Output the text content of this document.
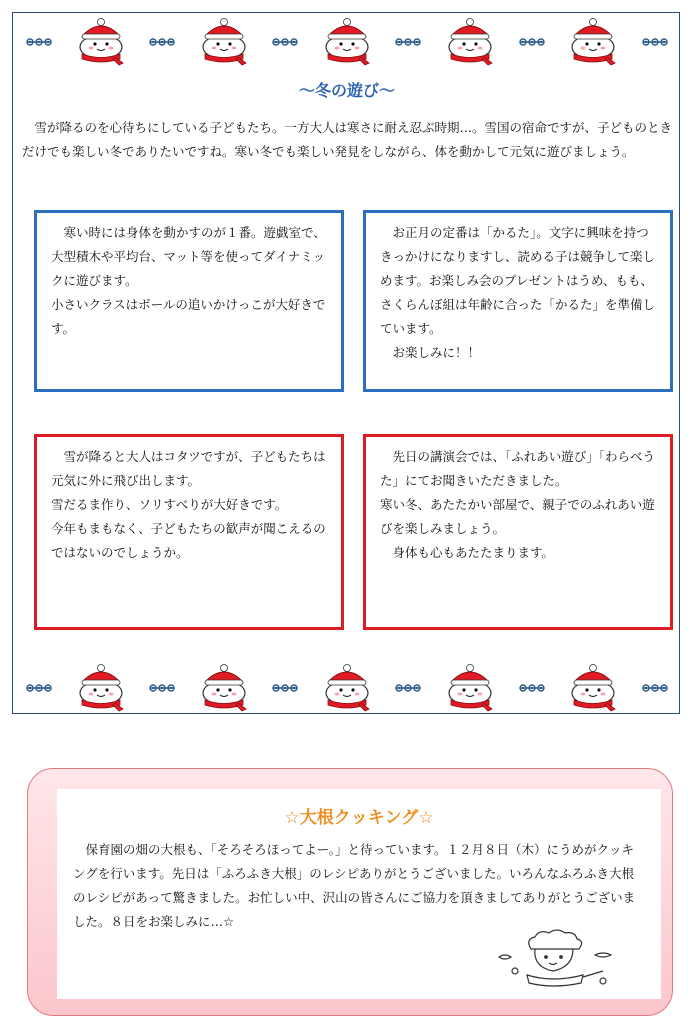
～冬の遊び～

雪が降るのを心待ちにしている子どもたち。一方大人は寒さに耐え忍ぶ時期…。雪国の宿命ですが、子どものときだけでも楽しい冬でありたいですね。寒い冬でも楽しい発見をしながら、体を動かして元気に遊びましょう。

寒い時には身体を動かすのが１番。遊戯室で、大型積木や平均台、マット等を使ってダイナミックに遊びます。

小さいクラスはボールの追いかけっこが大好きです。

お正月の定番は「かるた」。文字に興味を持つきっかけになりますし、読める子は競争して楽しめます。お楽しみ会のプレゼントはうめ、もも、さくらんぼ組は年齢に合った「かるた」を準備しています。

お楽しみに！！

雪が降ると大人はコタツですが、子どもたちは元気に外に飛び出します。

雪だるま作り、ソリすべりが大好きです。

今年もまもなく、子どもたちの歓声が聞こえるのではないのでしょうか。

先日の講演会では、「ふれあい遊び」「わらべうた」にてお聞きいただきました。

寒い冬、あたたかい部屋で、親子でのふれあい遊びを楽しみましょう。

身体も心もあたたまります。

☆大根クッキング☆

保育園の畑の大根も、「そろそろほってよー。」と待っています。１２月８日（木）にうめがクッキングを行います。先日は「ふろふき大根」のレシピありがとうございました。いろんなふろふき大根のレシピがあって驚きました。お忙しい中、沢山の皆さんにご協力を頂きましてありがとうございました。８日をお楽しみに…☆
